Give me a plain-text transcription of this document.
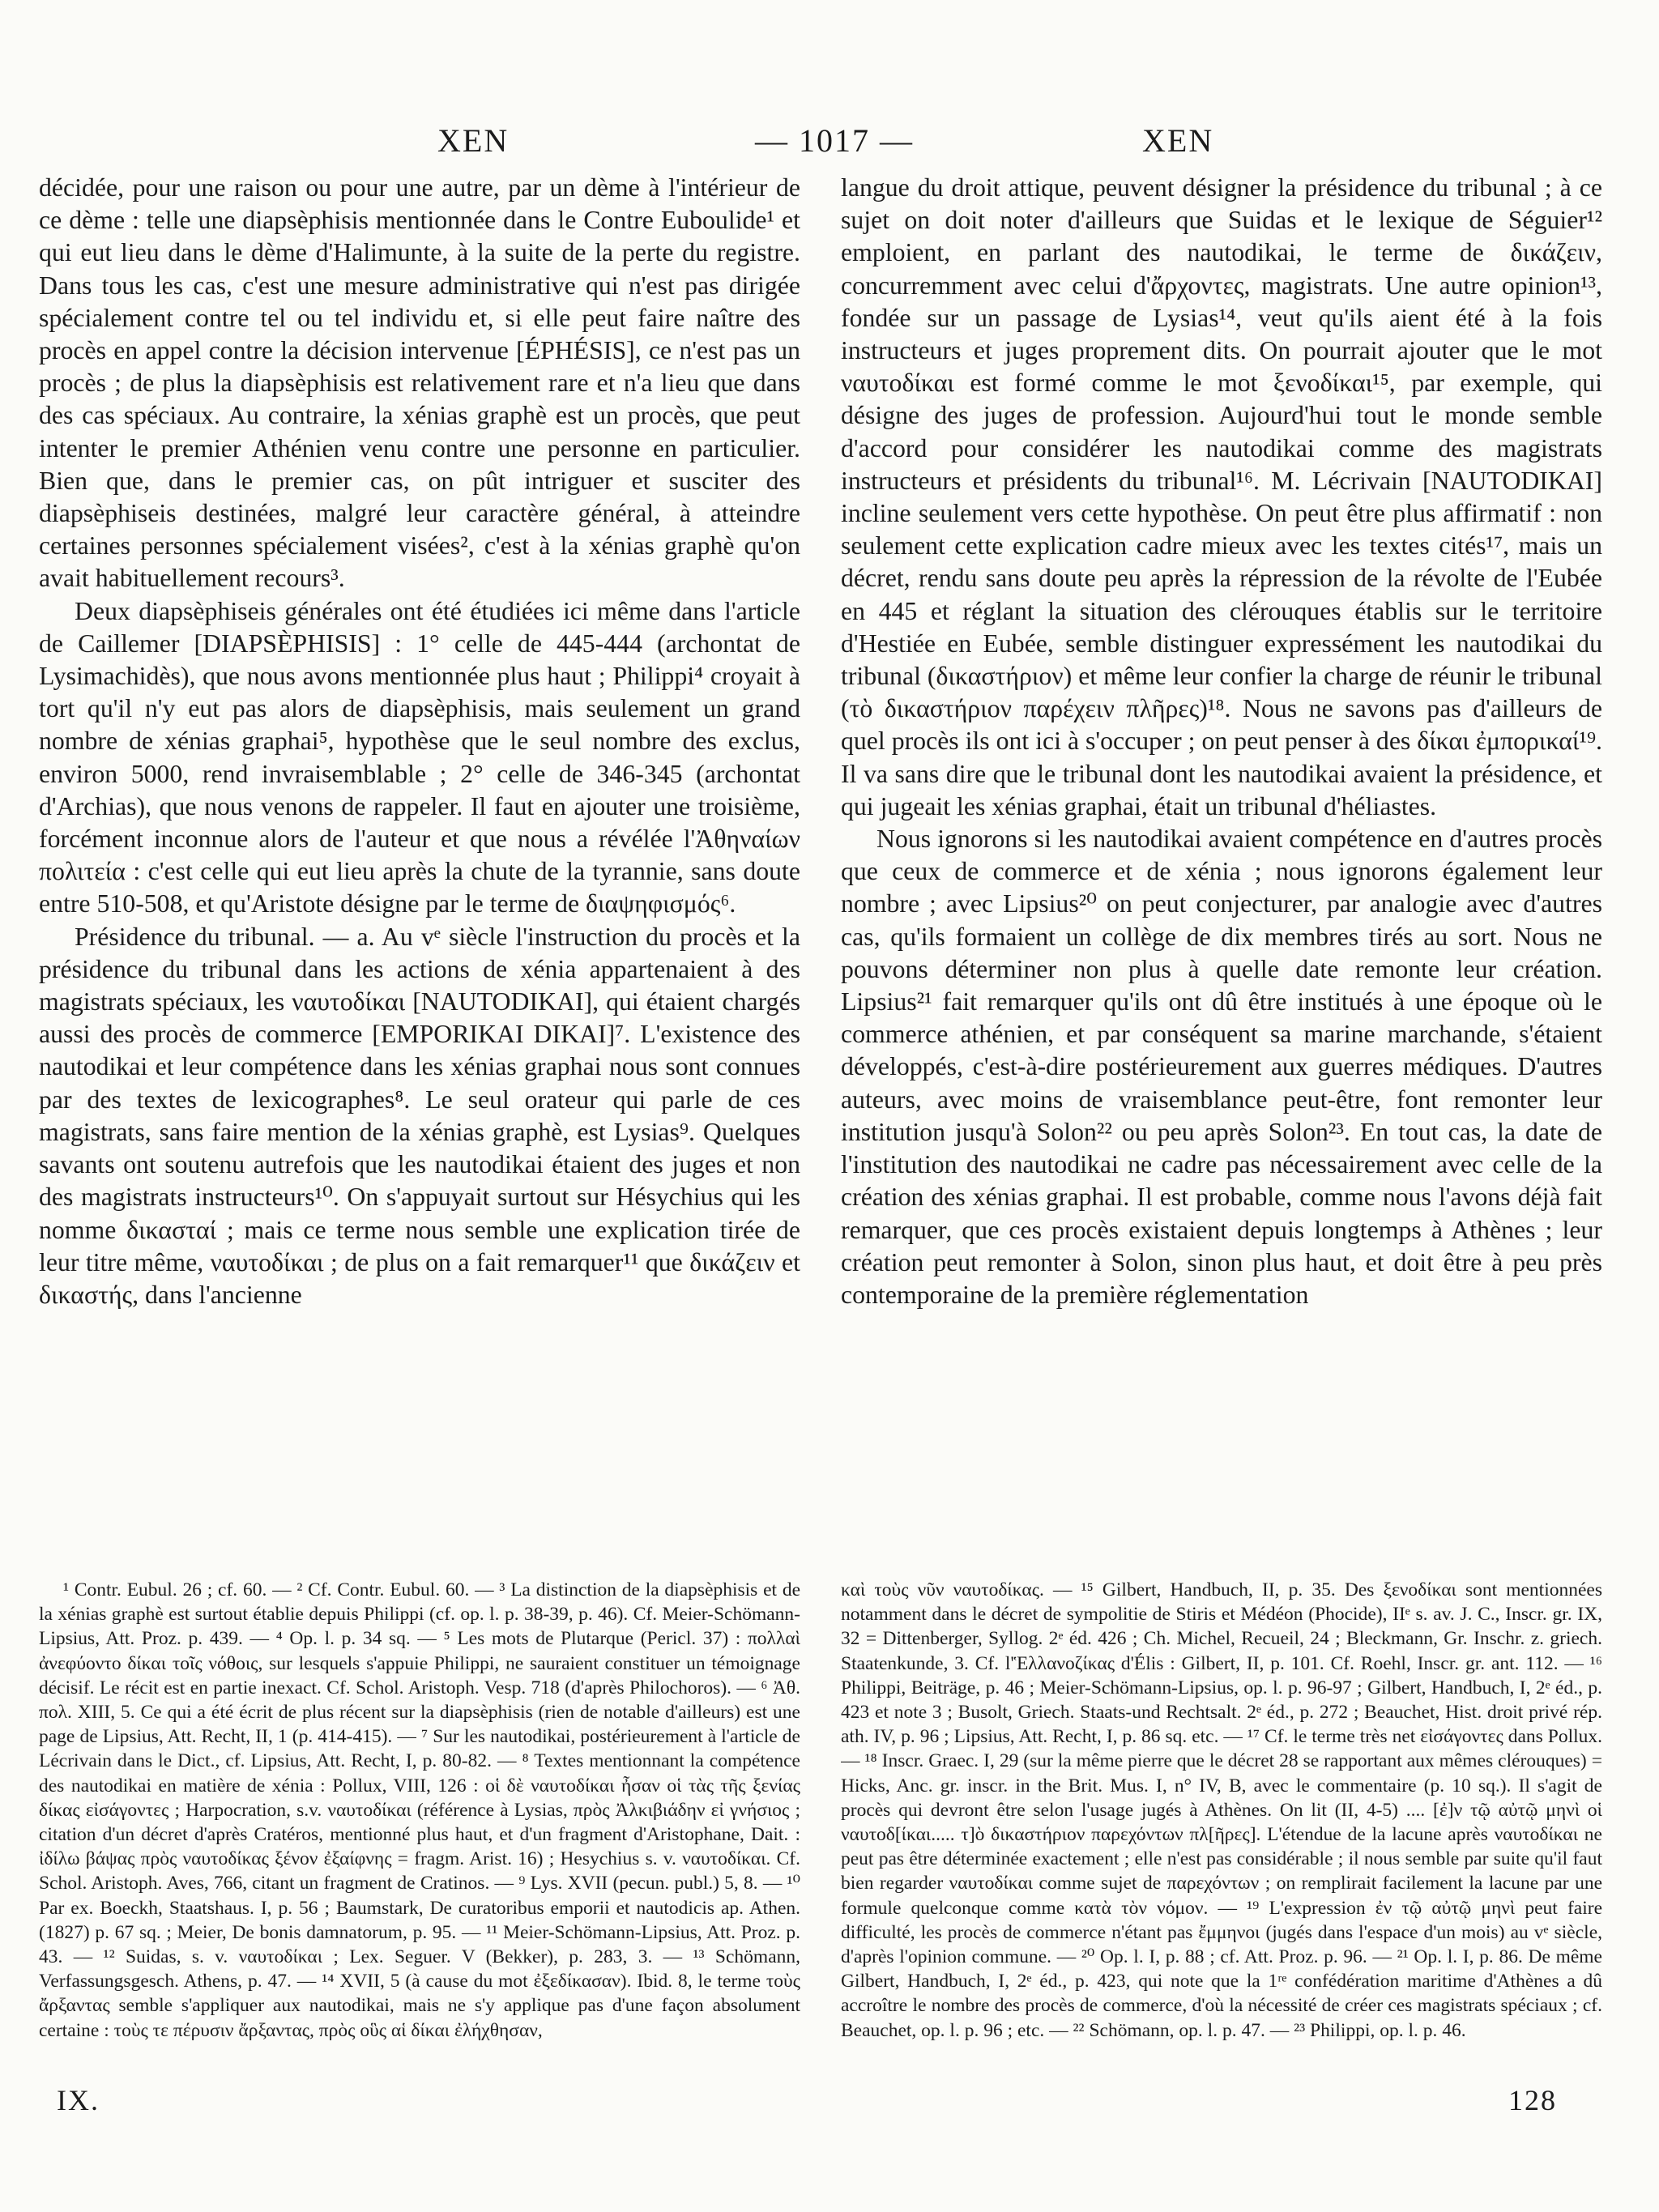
XEN	— 1017 —	XEN

décidée, pour une raison ou pour une autre, par un dème à l'intérieur de ce dème : telle une diapsèphisis mentionnée dans le Contre Euboulide¹ et qui eut lieu dans le dème d'Halimunte, à la suite de la perte du registre. Dans tous les cas, c'est une mesure administrative qui n'est pas dirigée spécialement contre tel ou tel individu et, si elle peut faire naître des procès en appel contre la décision intervenue [ÉPHÉSIS], ce n'est pas un procès ; de plus la diapsèphisis est relativement rare et n'a lieu que dans des cas spéciaux. Au contraire, la xénias graphè est un procès, que peut intenter le premier Athénien venu contre une personne en particulier. Bien que, dans le premier cas, on pût intriguer et susciter des diapsèphiseis destinées, malgré leur caractère général, à atteindre certaines personnes spécialement visées², c'est à la xénias graphè qu'on avait habituellement recours³.

Deux diapsèphiseis générales ont été étudiées ici même dans l'article de Caillemer [DIAPSÈPHISIS] : 1° celle de 445-444 (archontat de Lysimachidès), que nous avons mentionnée plus haut ; Philippi⁴ croyait à tort qu'il n'y eut pas alors de diapsèphisis, mais seulement un grand nombre de xénias graphai⁵, hypothèse que le seul nombre des exclus, environ 5000, rend invraisemblable ; 2° celle de 346-345 (archontat d'Archias), que nous venons de rappeler. Il faut en ajouter une troisième, forcément inconnue alors de l'auteur et que nous a révélée l'Ἀθηναίων πολιτεία : c'est celle qui eut lieu après la chute de la tyrannie, sans doute entre 510-508, et qu'Aristote désigne par le terme de διαψηφισμός⁶.

Présidence du tribunal. — a. Au vᵉ siècle l'instruction du procès et la présidence du tribunal dans les actions de xénia appartenaient à des magistrats spéciaux, les ναυτοδίκαι [NAUTODIKAI], qui étaient chargés aussi des procès de commerce [EMPORIKAI DIKAI]⁷. L'existence des nautodikai et leur compétence dans les xénias graphai nous sont connues par des textes de lexicographes⁸. Le seul orateur qui parle de ces magistrats, sans faire mention de la xénias graphè, est Lysias⁹. Quelques savants ont soutenu autrefois que les nautodikai étaient des juges et non des magistrats instructeurs¹⁰. On s'appuyait surtout sur Hésychius qui les nomme δικασταί ; mais ce terme nous semble une explication tirée de leur titre même, ναυτοδίκαι ; de plus on a fait remarquer¹¹ que δικάζειν et δικαστής, dans l'ancienne

langue du droit attique, peuvent désigner la présidence du tribunal ; à ce sujet on doit noter d'ailleurs que Suidas et le lexique de Séguier¹² emploient, en parlant des nautodikai, le terme de δικάζειν, concurremment avec celui d'ἄρχοντες, magistrats. Une autre opinion¹³, fondée sur un passage de Lysias¹⁴, veut qu'ils aient été à la fois instructeurs et juges proprement dits. On pourrait ajouter que le mot ναυτοδίκαι est formé comme le mot ξενοδίκαι¹⁵, par exemple, qui désigne des juges de profession. Aujourd'hui tout le monde semble d'accord pour considérer les nautodikai comme des magistrats instructeurs et présidents du tribunal¹⁶. M. Lécrivain [NAUTODIKAI] incline seulement vers cette hypothèse. On peut être plus affirmatif : non seulement cette explication cadre mieux avec les textes cités¹⁷, mais un décret, rendu sans doute peu après la répression de la révolte de l'Eubée en 445 et réglant la situation des clérouques établis sur le territoire d'Hestiée en Eubée, semble distinguer expressément les nautodikai du tribunal (δικαστήριον) et même leur confier la charge de réunir le tribunal (τὸ δικαστήριον παρέχειν πλῆρες)¹⁸. Nous ne savons pas d'ailleurs de quel procès ils ont ici à s'occuper ; on peut penser à des δίκαι ἐμπορικαί¹⁹. Il va sans dire que le tribunal dont les nautodikai avaient la présidence, et qui jugeait les xénias graphai, était un tribunal d'héliastes.

Nous ignorons si les nautodikai avaient compétence en d'autres procès que ceux de commerce et de xénia ; nous ignorons également leur nombre ; avec Lipsius²⁰ on peut conjecturer, par analogie avec d'autres cas, qu'ils formaient un collège de dix membres tirés au sort. Nous ne pouvons déterminer non plus à quelle date remonte leur création. Lipsius²¹ fait remarquer qu'ils ont dû être institués à une époque où le commerce athénien, et par conséquent sa marine marchande, s'étaient développés, c'est-à-dire postérieurement aux guerres médiques. D'autres auteurs, avec moins de vraisemblance peut-être, font remonter leur institution jusqu'à Solon²² ou peu après Solon²³. En tout cas, la date de l'institution des nautodikai ne cadre pas nécessairement avec celle de la création des xénias graphai. Il est probable, comme nous l'avons déjà fait remarquer, que ces procès existaient depuis longtemps à Athènes ; leur création peut remonter à Solon, sinon plus haut, et doit être à peu près contemporaine de la première réglementation

¹ Contr. Eubul. 26 ; cf. 60. — ² Cf. Contr. Eubul. 60. — ³ La distinction de la diapsèphisis et de la xénias graphè est surtout établie depuis Philippi (cf. op. l. p. 38-39, p. 46). Cf. Meier-Schömann-Lipsius, Att. Proz. p. 439. — ⁴ Op. l. p. 34 sq. — ⁵ Les mots de Plutarque (Pericl. 37) : πολλαὶ ἀνεφύοντο δίκαι τοῖς νόθοις, sur lesquels s'appuie Philippi, ne sauraient constituer un témoignage décisif. Le récit est en partie inexact. Cf. Schol. Aristoph. Vesp. 718 (d'après Philochoros). — ⁶ Ἀθ. πολ. XIII, 5. Ce qui a été écrit de plus récent sur la diapsèphisis (rien de notable d'ailleurs) est une page de Lipsius, Att. Recht, II, 1 (p. 414-415). — ⁷ Sur les nautodikai, postérieurement à l'article de Lécrivain dans le Dict., cf. Lipsius, Att. Recht, I, p. 80-82. — ⁸ Textes mentionnant la compétence des nautodikai en matière de xénia : Pollux, VIII, 126 : οἱ δὲ ναυτοδίκαι ἦσαν οἱ τὰς τῆς ξενίας δίκας εἰσάγοντες ; Harpocration, s.v. ναυτοδίκαι (référence à Lysias, πρὸς Ἀλκιβιάδην εἰ γνήσιος ; citation d'un décret d'après Cratéros, mentionné plus haut, et d'un fragment d'Aristophane, Dait. : ἰδίλω βάψας πρὸς ναυτοδίκας ξένον ἐξαίφνης = fragm. Arist. 16) ; Hesychius s. v. ναυτοδίκαι. Cf. Schol. Aristoph. Aves, 766, citant un fragment de Cratinos. — ⁹ Lys. XVII (pecun. publ.) 5, 8. — ¹⁰ Par ex. Boeckh, Staatshaus. I, p. 56 ; Baumstark, De curatoribus emporii et nautodicis ap. Athen. (1827) p. 67 sq. ; Meier, De bonis damnatorum, p. 95. — ¹¹ Meier-Schömann-Lipsius, Att. Proz. p. 43. — ¹² Suidas, s. v. ναυτοδίκαι ; Lex. Seguer. V (Bekker), p. 283, 3. — ¹³ Schömann, Verfassungsgesch. Athens, p. 47. — ¹⁴ XVII, 5 (à cause du mot ἐξεδίκασαν). Ibid. 8, le terme τοὺς ἄρξαντας semble s'appliquer aux nautodikai, mais ne s'y applique pas d'une façon absolument certaine : τοὺς τε πέρυσιν ἄρξαντας, πρὸς οὓς αἱ δίκαι ἐλήχθησαν,

καὶ τοὺς νῦν ναυτοδίκας. — ¹⁵ Gilbert, Handbuch, II, p. 35. Des ξενοδίκαι sont mentionnées notamment dans le décret de sympolitie de Stiris et Médéon (Phocide), IIᵉ s. av. J. C., Inscr. gr. IX, 32 = Dittenberger, Syllog. 2ᵉ éd. 426 ; Ch. Michel, Recueil, 24 ; Bleckmann, Gr. Inschr. z. griech. Staatenkunde, 3. Cf. l'Ἑλλανοζίκας d'Élis : Gilbert, II, p. 101. Cf. Roehl, Inscr. gr. ant. 112. — ¹⁶ Philippi, Beiträge, p. 46 ; Meier-Schömann-Lipsius, op. l. p. 96-97 ; Gilbert, Handbuch, I, 2ᵉ éd., p. 423 et note 3 ; Busolt, Griech. Staats-und Rechtsalt. 2ᵉ éd., p. 272 ; Beauchet, Hist. droit privé rép. ath. IV, p. 96 ; Lipsius, Att. Recht, I, p. 86 sq. etc. — ¹⁷ Cf. le terme très net εἰσάγοντες dans Pollux. — ¹⁸ Inscr. Graec. I, 29 (sur la même pierre que le décret 28 se rapportant aux mêmes clérouques) = Hicks, Anc. gr. inscr. in the Brit. Mus. I, n° IV, B, avec le commentaire (p. 10 sq.). Il s'agit de procès qui devront être selon l'usage jugés à Athènes. On lit (II, 4-5) .... [ἐ]ν τῷ αὐτῷ μηνὶ οἱ ναυτοδ[ίκαι..... τ]ὸ δικαστήριον παρεχόντων πλ[ῆρες]. L'étendue de la lacune après ναυτοδίκαι ne peut pas être déterminée exactement ; elle n'est pas considérable ; il nous semble par suite qu'il faut bien regarder ναυτοδίκαι comme sujet de παρεχόντων ; on remplirait facilement la lacune par une formule quelconque comme κατὰ τὸν νόμον. — ¹⁹ L'expression ἐν τῷ αὐτῷ μηνὶ peut faire difficulté, les procès de commerce n'étant pas ἔμμηνοι (jugés dans l'espace d'un mois) au vᵉ siècle, d'après l'opinion commune. — ²⁰ Op. l. I, p. 88 ; cf. Att. Proz. p. 96. — ²¹ Op. l. I, p. 86. De même Gilbert, Handbuch, I, 2ᵉ éd., p. 423, qui note que la 1ʳᵉ confédération maritime d'Athènes a dû accroître le nombre des procès de commerce, d'où la nécessité de créer ces magistrats spéciaux ; cf. Beauchet, op. l. p. 96 ; etc. — ²² Schömann, op. l. p. 47. — ²³ Philippi, op. l. p. 46.

IX.	128
